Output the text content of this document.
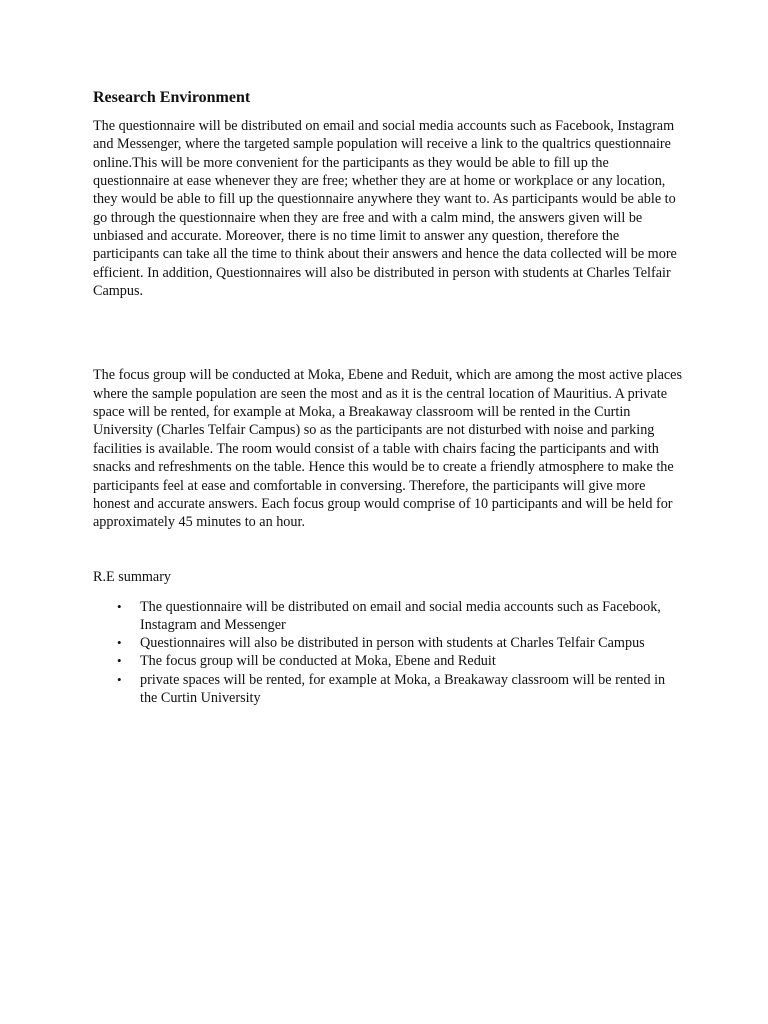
Research Environment

The questionnaire will be distributed on email and social media accounts such as Facebook, Instagram and Messenger, where the targeted sample population will receive a link to the qualtrics questionnaire online.This will be more convenient for the participants as they would be able to fill up the questionnaire at ease whenever they are free; whether they are at home or workplace or any location, they would be able to fill up the questionnaire anywhere they want to. As participants would be able to go through the questionnaire when they are free and with a calm mind, the answers given will be unbiased and accurate. Moreover, there is no time limit to answer any question, therefore the participants can take all the time to think about their answers and hence the data collected will be more efficient. In addition, Questionnaires will also be distributed in person with students at Charles Telfair Campus.

The focus group will be conducted at Moka, Ebene and Reduit, which are among the most active places where the sample population are seen the most and as it is the central location of Mauritius. A private space will be rented, for example at Moka, a Breakaway classroom will be rented in the Curtin University (Charles Telfair Campus) so as the participants are not disturbed with noise and parking facilities is available. The room would consist of a table with chairs facing the participants and with snacks and refreshments on the table. Hence this would be to create a friendly atmosphere to make the participants feel at ease and comfortable in conversing. Therefore, the participants will give more honest and accurate answers. Each focus group would comprise of 10 participants and will be held for approximately 45 minutes to an hour.

R.E summary
• The questionnaire will be distributed on email and social media accounts such as Facebook, Instagram and Messenger
• Questionnaires will also be distributed in person with students at Charles Telfair Campus
• The focus group will be conducted at Moka, Ebene and Reduit
• private spaces will be rented, for example at Moka, a Breakaway classroom will be rented in the Curtin University
